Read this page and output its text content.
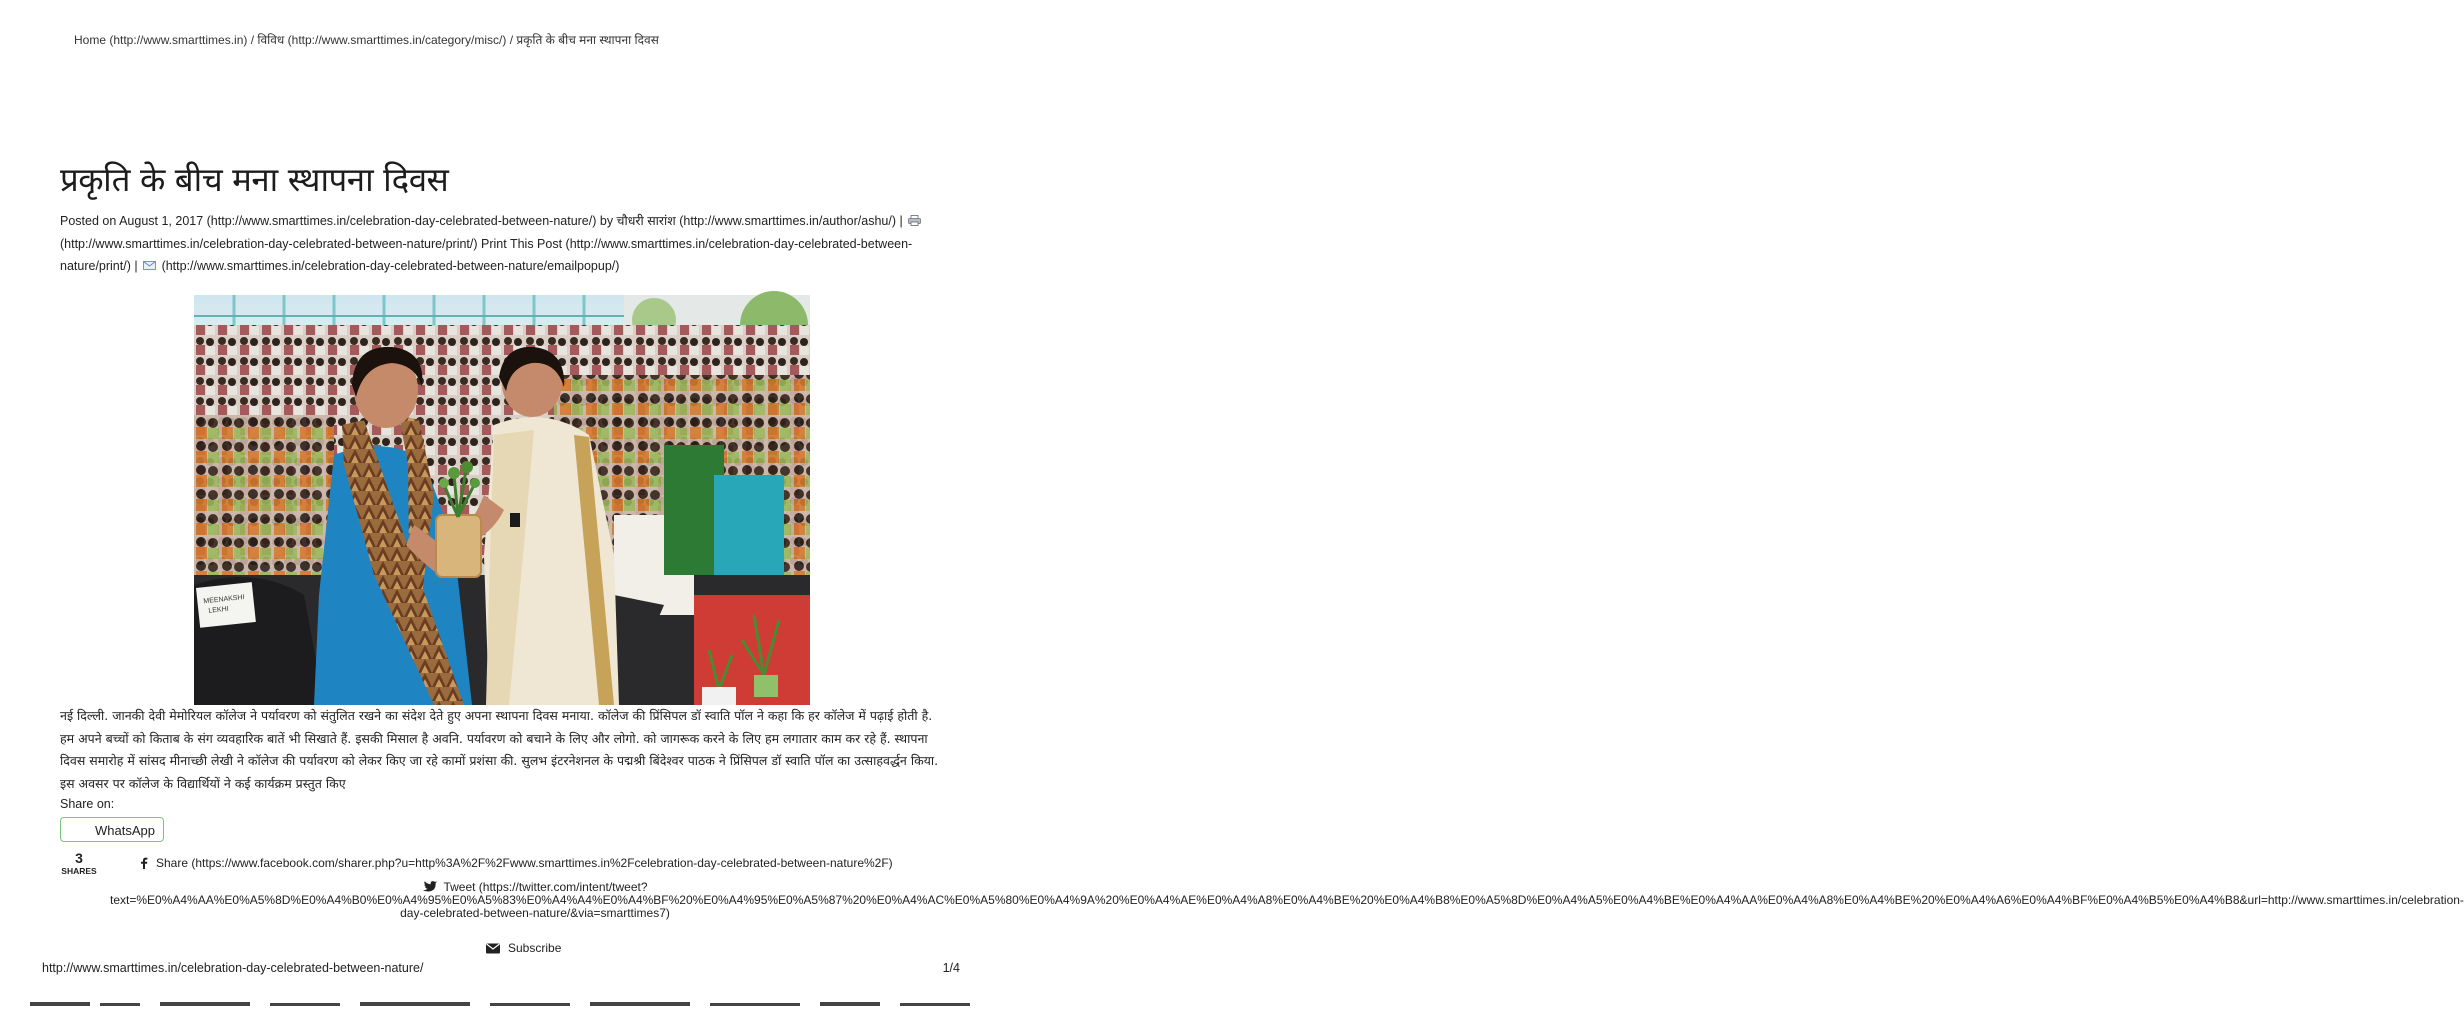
Home (http://www.smarttimes.in) / विविध (http://www.smarttimes.in/category/misc/) / प्रकृति के बीच मना स्थापना दिवस
प्रकृति के बीच मना स्थापना दिवस
Posted on August 1, 2017 (http://www.smarttimes.in/celebration-day-celebrated-between-nature/) by चौधरी सारांश (http://www.smarttimes.in/author/ashu/) |  (http://www.smarttimes.in/celebration-day-celebrated-between-nature/print/) Print This Post (http://www.smarttimes.in/celebration-day-celebrated-between-nature/print/) | (http://www.smarttimes.in/celebration-day-celebrated-between-nature/emailpopup/)
MEENAKSHI
LEKHI
नई दिल्ली. जानकी देवी मेमोरियल कॉलेज ने पर्यावरण को संतुलित रखने का संदेश देते हुए अपना स्थापना दिवस मनाया. कॉलेज की प्रिंसिपल डॉ स्वाति पॉल ने कहा कि हर कॉलेज में पढ़ाई होती है. हम अपने बच्चों को किताब के संग व्यवहारिक बातें भी सिखाते हैं. इसकी मिसाल है अवनि. पर्यावरण को बचाने के लिए और लोगो. को जागरूक करने के लिए हम लगातार काम कर रहे हैं. स्थापना दिवस समारोह में सांसद मीनाच्छी लेखी ने कॉलेज की पर्यावरण को लेकर किए जा रहे कामों प्रशंसा की. सुलभ इंटरनेशनल के पद्मश्री बिंदेश्वर पाठक ने प्रिंसिपल डॉ स्वाति पॉल का उत्साहवर्द्धन किया. इस अवसर पर कॉलेज के विद्यार्थियों ने कई कार्यक्रम प्रस्तुत किए
Share on:
WhatsApp
3
SHARES
Share (https://www.facebook.com/sharer.php?u=http%3A%2F%2Fwww.smarttimes.in%2Fcelebration-day-celebrated-between-nature%2F)
Tweet (https://twitter.com/intent/tweet?
text=%E0%A4%AA%E0%A5%8D%E0%A4%B0%E0%A4%95%E0%A5%83%E0%A4%A4%E0%A4%BF%20%E0%A4%95%E0%A5%87%20%E0%A4%AC%E0%A5%80%E0%A4%9A%20%E0%A4%AE%E0%A4%A8%E0%A4%BE%20%E0%A4%B8%E0%A5%8D%E0%A4%A5%E0%A4%BE%E0%A4%AA%E0%A4%A8%E0%A4%BE%20%E0%A4%A6%E0%A4%BF%E0%A4%B5%E0%A4%B8&url=http://www.smarttimes.in/celebration-
day-celebrated-between-nature/&via=smarttimes7)
Subscribe
http://www.smarttimes.in/celebration-day-celebrated-between-nature/	1/4
